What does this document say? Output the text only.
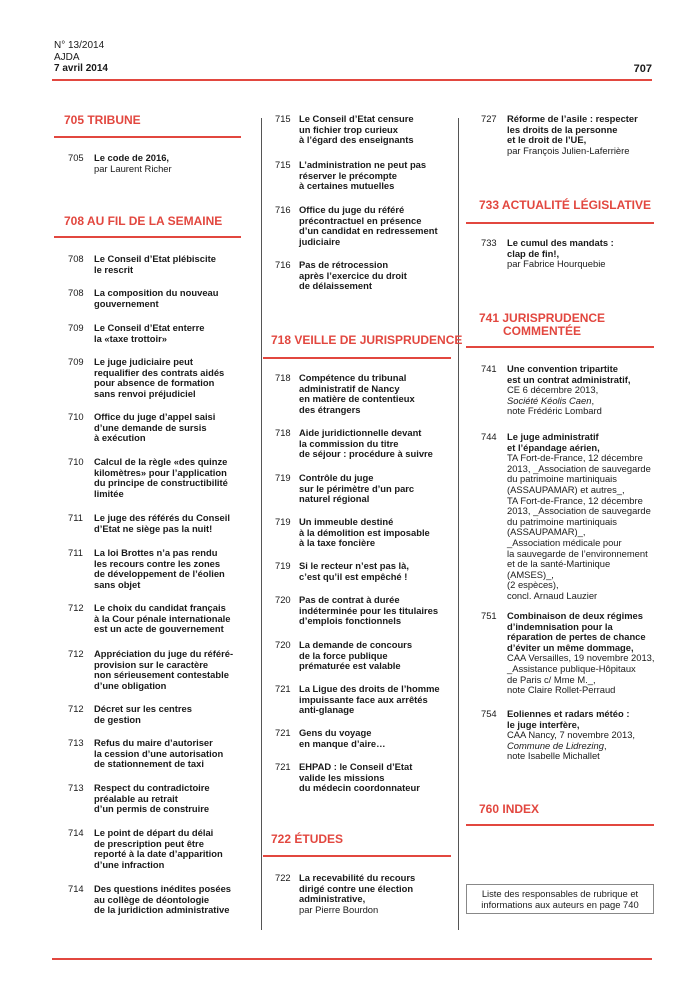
N° 13/2014
AJDA
7 avril 2014	707
705 TRIBUNE
705	Le code de 2016,
par Laurent Richer
708 AU FIL DE LA SEMAINE
708	Le Conseil d’Etat plébiscite
le rescrit
708	La composition du nouveau
gouvernement
709	Le Conseil d’Etat enterre
la «taxe trottoir»
709	Le juge judiciaire peut
requalifier des contrats aidés
pour absence de formation
sans renvoi préjudiciel
710	Office du juge d’appel saisi
d’une demande de sursis
à exécution
710	Calcul de la règle «des quinze
kilomètres» pour l’application
du principe de constructibilité
limitée
711	Le juge des référés du Conseil
d’Etat ne siège pas la nuit!
711	La loi Brottes n’a pas rendu
les recours contre les zones
de développement de l’éolien
sans objet
712	Le choix du candidat français
à la Cour pénale internationale
est un acte de gouvernement
712	Appréciation du juge du référé-
provision sur le caractère
non sérieusement contestable
d’une obligation
712	Décret sur les centres
de gestion
713	Refus du maire d’autoriser
la cession d’une autorisation
de stationnement de taxi
713	Respect du contradictoire
préalable au retrait
d’un permis de construire
714	Le point de départ du délai
de prescription peut être
reporté à la date d’apparition
d’une infraction
714	Des questions inédites posées
au collège de déontologie
de la juridiction administrative
715 Le Conseil d’Etat censure
un fichier trop curieux
à l’égard des enseignants
715 L’administration ne peut pas
réserver le précompte
à certaines mutuelles
716 Office du juge du référé
précontractuel en présence
d’un candidat en redressement
judiciaire
716 Pas de rétrocession
après l’exercice du droit
de délaissement
718 VEILLE DE JURISPRUDENCE
718 Compétence du tribunal
administratif de Nancy
en matière de contentieux
des étrangers
718 Aide juridictionnelle devant
la commission du titre
de séjour : procédure à suivre
719 Contrôle du juge
sur le périmètre d’un parc
naturel régional
719 Un immeuble destiné
à la démolition est imposable
à la taxe foncière
719 Si le recteur n’est pas là,
c’est qu’il est empêché !
720 Pas de contrat à durée
indéterminée pour les titulaires
d’emplois fonctionnels
720 La demande de concours
de la force publique
prématurée est valable
721 La Ligue des droits de l’homme
impuissante face aux arrêtés
anti-glanage
721 Gens du voyage
en manque d’aire…
721 EHPAD : le Conseil d’Etat
valide les missions
du médecin coordonnateur
722 ÉTUDES
722 La recevabilité du recours
dirigé contre une élection
administrative,
par Pierre Bourdon
727	Réforme de l’asile : respecter
les droits de la personne
et le droit de l’UE,
par François Julien-Laferrière
733 ACTUALITÉ LÉGISLATIVE
733	Le cumul des mandats :
clap de fin!,
par Fabrice Hourquebie
741 JURISPRUDENCE
COMMENTÉE
741	Une convention tripartite
est un contrat administratif,
CE 6 décembre 2013,
Société Kéolis Caen,
note Frédéric Lombard
744	Le juge administratif
et l’épandage aérien,
TA Fort-de-France, 12 décembre
2013, _Association de sauvegarde
du patrimoine martiniquais
(ASSAUPAMAR) et autres_,
TA Fort-de-France, 12 décembre
2013, _Association de sauvegarde
du patrimoine martiniquais
(ASSAUPAMAR)_,
_Association médicale pour
la sauvegarde de l’environnement
et de la santé-Martinique (AMSES)_,
(2 espèces),
concl. Arnaud Lauzier
751	Combinaison de deux régimes
d’indemnisation pour la
réparation de pertes de chance
d’éviter un même dommage,
CAA Versailles, 19 novembre 2013,
_Assistance publique-Hôpitaux
de Paris c/ Mme M._,
note Claire Rollet-Perraud
754	Eoliennes et radars météo :
le juge interfère,
CAA Nancy, 7 novembre 2013,
Commune de Lidrezing,
note Isabelle Michallet
760 INDEX
Liste des responsables de rubrique et
informations aux auteurs en page 740
